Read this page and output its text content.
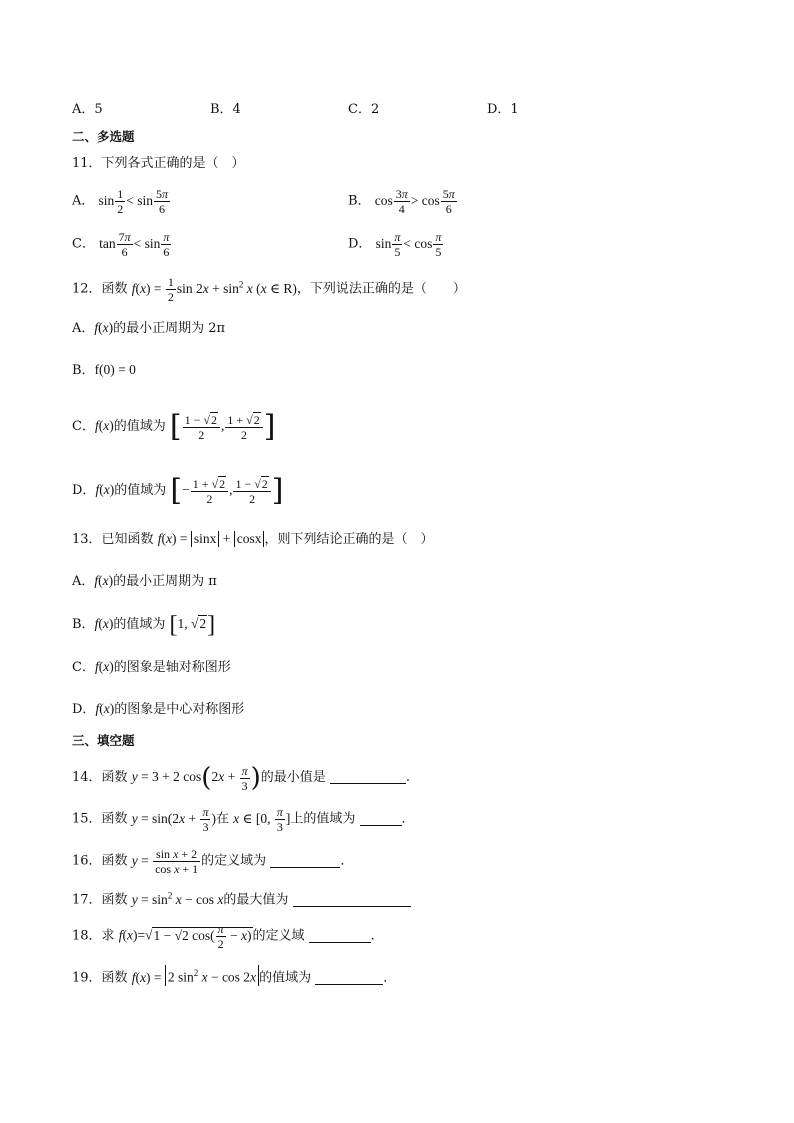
A．5	B．4	C．2	D．1
二、多选题
11．下列各式正确的是（　）
A． $\sin \frac{1}{2} < \sin \frac{5\pi}{6}$	B． $\cos \frac{3\pi}{4} > \cos \frac{5\pi}{6}$
C． $\tan \frac{7\pi}{6} < \sin \frac{\pi}{6}$	D． $\sin \frac{\pi}{5} < \cos \frac{\pi}{5}$
12．函数 $f(x) = \frac{1}{2}$ $\sin 2x + \sin^2 x$ (x ∈ R)，下列说法正确的是（　　）
A．f(x)的最小正周期为 2π
B．f(0) = 0
C．f(x)的值域为 [ $\frac{1 - √2}{2}$ , $\frac{1 + √2}{2}$ ]
D．f(x)的值域为 [− $\frac{1 + √2}{2}$ , $\frac{1 - √2}{2}$ ]
13．已知函数 f(x) = sinx + cosx ，则下列结论正确的是（　）
A．f(x)的最小正周期为 π
B．f(x)的值域为 [1, √2]
C．f(x)的图象是轴对称图形
D．f(x)的图象是中心对称图形
三、填空题
14．函数 y = 3 + 2 $\cos(2x + \frac{\pi}{3}$ )的最小值是	.
15．函数 $y = \sin(2x + \frac{\pi}{3}$ )在 x ∈ [0, $\frac{\pi}{3}$ ]上的值域为	．
16．函数 $y = \frac{\text{sin x + 2}}{\text{cos x + 1}}$ 的定义域为	．
17．函数 $y = \sin^2 x - \cos x$的最大值为
18．求 f(x)=√1 − √2 $\cos( \frac{\pi}{2} - x)$的定义域	.
19．函数 f(x) = 2 $\sin^2 x - \cos 2x$ 的值域为	．
